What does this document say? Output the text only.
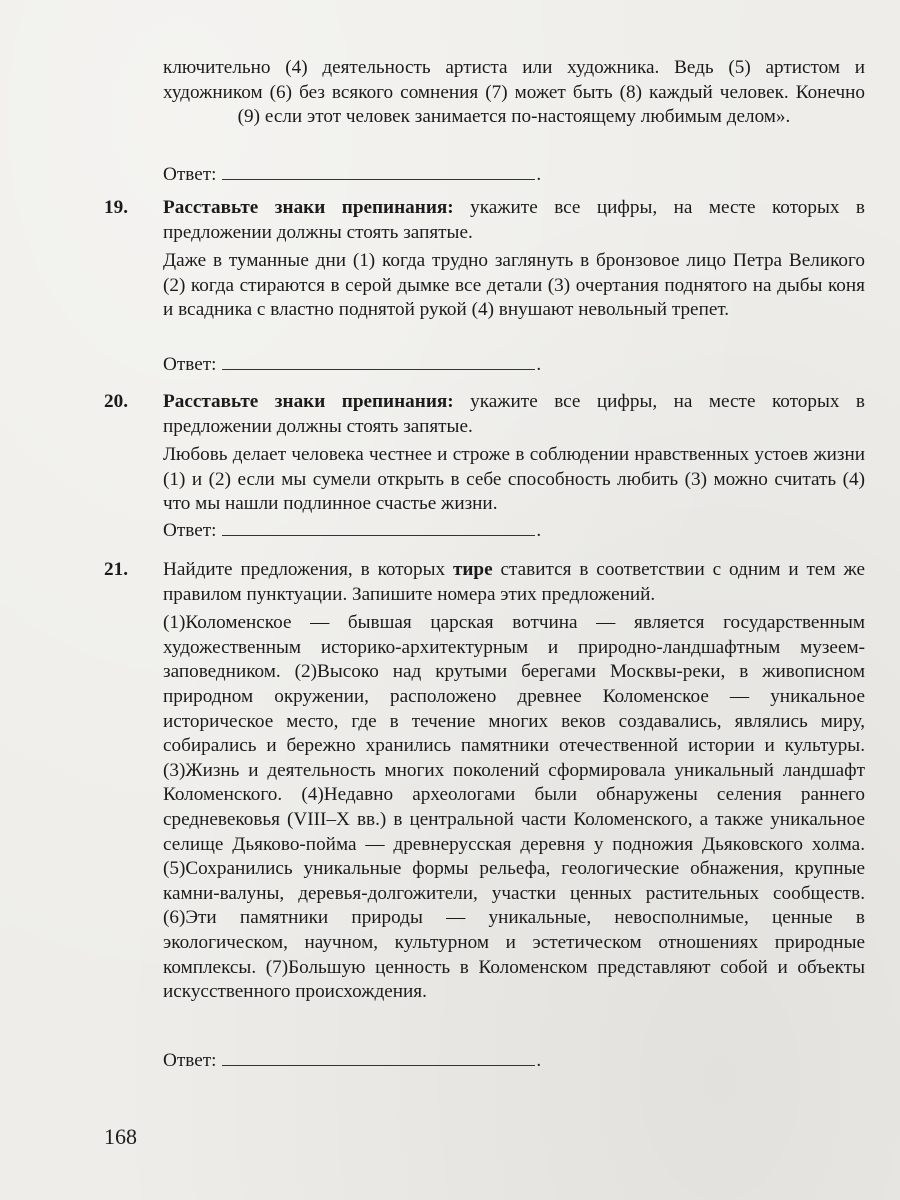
ключительно (4) деятельность артиста или художника. Ведь (5) артистом и художником (6) без всякого сомнения (7) может быть (8) каждый человек. Конечно (9) если этот человек занимается по-настоящему любимым делом».

Ответ:	.
19. Расставьте знаки препинания: укажите все цифры, на месте которых в предложении должны стоять запятые.

Даже в туманные дни (1) когда трудно заглянуть в бронзовое лицо Петра Великого (2) когда стираются в серой дымке все детали (3) очертания поднятого на дыбы коня и всадника с властно поднятой рукой (4) внушают невольный трепет.

Ответ:	.
20. Расставьте знаки препинания: укажите все цифры, на месте которых в предложении должны стоять запятые.

Любовь делает человека честнее и строже в соблюдении нравственных устоев жизни (1) и (2) если мы сумели открыть в себе способность любить (3) можно считать (4) что мы нашли подлинное счастье жизни.

Ответ:	.
21. Найдите предложения, в которых тире ставится в соответствии с одним и тем же правилом пунктуации. Запишите номера этих предложений.

(1)Коломенское — бывшая царская вотчина — является государственным художественным историко-архитектурным и природно-ландшафтным музеем-заповедником. (2)Высоко над крутыми берегами Москвы-реки, в живописном природном окружении, расположено древнее Коломенское — уникальное историческое место, где в течение многих веков создавались, являлись миру, собирались и бережно хранились памятники отечественной истории и культуры. (3)Жизнь и деятельность многих поколений сформировала уникальный ландшафт Коломенского. (4)Недавно археологами были обнаружены селения раннего средневековья (VIII–X вв.) в центральной части Коломенского, а также уникальное селище Дьяково-пойма — древнерусская деревня у подножия Дьяковского холма. (5)Сохранились уникальные формы рельефа, геологические обнажения, крупные камни-валуны, деревья-долгожители, участки ценных растительных сообществ. (6)Эти памятники природы — уникальные, невосполнимые, ценные в экологическом, научном, культурном и эстетическом отношениях природные комплексы. (7)Большую ценность в Коломенском представляют собой и объекты искусственного происхождения.

Ответ:	.
168
